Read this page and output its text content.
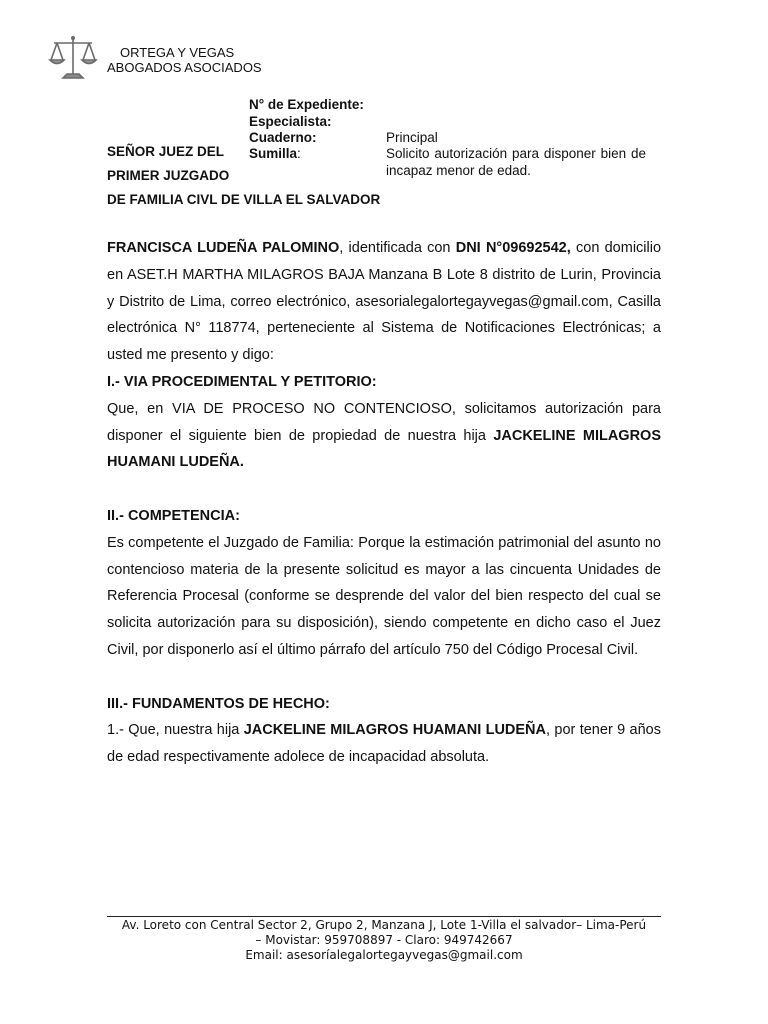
ORTEGA Y VEGAS
ABOGADOS ASOCIADOS
N° de Expediente:
Especialista:
Cuaderno:	Principal
Sumilla:	Solicito autorización para disponer bien de incapaz menor de edad.
SEÑOR JUEZ DEL
PRIMER JUZGADO
DE FAMILIA CIVL DE VILLA EL SALVADOR

FRANCISCA LUDEÑA PALOMINO, identificada con DNI N°09692542, con domicilio en ASET.H MARTHA MILAGROS BAJA Manzana B Lote 8 distrito de Lurin, Provincia y Distrito de Lima, correo electrónico, asesorialegalortegayvegas@gmail.com, Casilla electrónica N° 118774, perteneciente al Sistema de Notificaciones Electrónicas; a usted me presento y digo:

I.- VIA PROCEDIMENTAL Y PETITORIO:

Que, en VIA DE PROCESO NO CONTENCIOSO, solicitamos autorización para disponer el siguiente bien de propiedad de nuestra hija JACKELINE MILAGROS HUAMANI LUDEÑA.

II.- COMPETENCIA:

Es competente el Juzgado de Familia: Porque la estimación patrimonial del asunto no contencioso materia de la presente solicitud es mayor a las cincuenta Unidades de Referencia Procesal (conforme se desprende del valor del bien respecto del cual se solicita autorización para su disposición), siendo competente en dicho caso el Juez Civil, por disponerlo así el último párrafo del artículo 750 del Código Procesal Civil.

III.- FUNDAMENTOS DE HECHO:

1.- Que, nuestra hija JACKELINE MILAGROS HUAMANI LUDEÑA, por tener 9 años de edad respectivamente adolece de incapacidad absoluta.

Av. Loreto con Central Sector 2, Grupo 2, Manzana J, Lote 1-Villa el salvador– Lima-Perú
– Movistar: 959708897 - Claro: 949742667
Email: asesoríalegalortegayvegas@gmail.com
